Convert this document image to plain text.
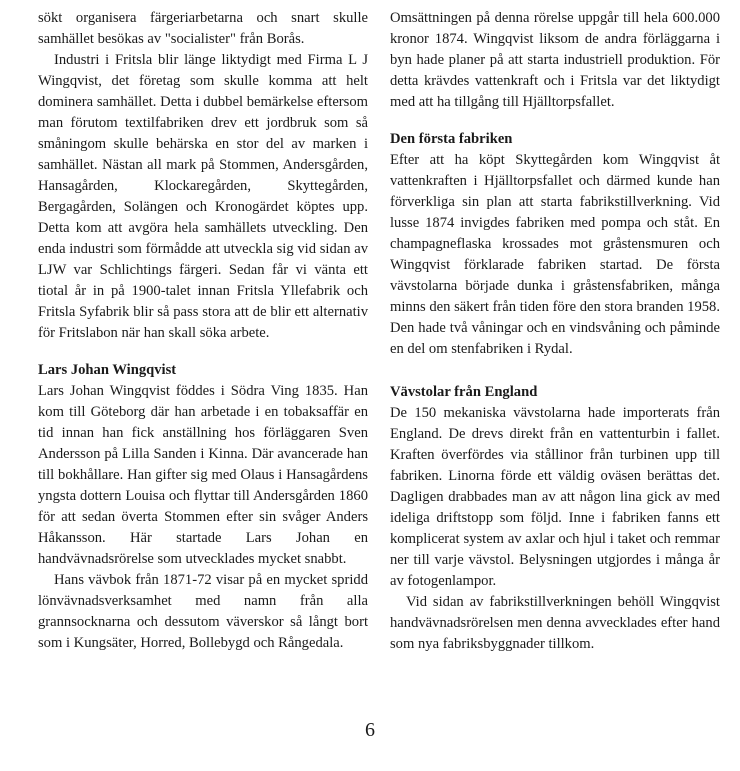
sökt organisera färgeriarbetarna och snart skulle samhället besökas av "socialister" från Borås.

Industri i Fritsla blir länge liktydigt med Firma L J Wingqvist, det företag som skulle komma att helt dominera samhället. Detta i dubbel bemärkelse eftersom man förutom textilfabriken drev ett jordbruk som så småningom skulle behärska en stor del av marken i samhället. Nästan all mark på Stommen, Andersgården, Hansagården, Klockaregården, Skyttegården, Bergagården, Solängen och Kronogärdet köptes upp. Detta kom att avgöra hela samhällets utveckling. Den enda industri som förmådde att utveckla sig vid sidan av LJW var Schlichtings färgeri. Sedan får vi vänta ett tiotal år in på 1900-talet innan Fritsla Yllefabrik och Fritsla Syfabrik blir så pass stora att de blir ett alternativ för Fritslabon när han skall söka arbete.

Lars Johan Wingqvist

Lars Johan Wingqvist föddes i Södra Ving 1835. Han kom till Göteborg där han arbetade i en tobaksaffär en tid innan han fick anställning hos förläggaren Sven Andersson på Lilla Sanden i Kinna. Där avancerade han till bokhållare. Han gifter sig med Olaus i Hansagårdens yngsta dottern Louisa och flyttar till Andersgården 1860 för att sedan överta Stommen efter sin svåger Anders Håkansson. Här startade Lars Johan en handvävnadsrörelse som utvecklades mycket snabbt.

Hans vävbok från 1871-72 visar på en mycket spridd lönvävnadsverksamhet med namn från alla grannsocknarna och dessutom väverskor så långt bort som i Kungsäter, Horred, Bollebygd och Rångedala.

Omsättningen på denna rörelse uppgår till hela 600.000 kronor 1874. Wingqvist liksom de andra förläggarna i byn hade planer på att starta industriell produktion. För detta krävdes vattenkraft och i Fritsla var det liktydigt med att ha tillgång till Hjälltorpsfallet.

Den första fabriken

Efter att ha köpt Skyttegården kom Wingqvist åt vattenkraften i Hjälltorpsfallet och därmed kunde han förverkliga sin plan att starta fabrikstillverkning. Vid lusse 1874 invigdes fabriken med pompa och ståt. En champagneflaska krossades mot gråstensmuren och Wingqvist förklarade fabriken startad. De första vävstolarna började dunka i gråstensfabriken, många minns den säkert från tiden före den stora branden 1958. Den hade två våningar och en vindsvåning och påminde en del om stenfabriken i Rydal.

Vävstolar från England

De 150 mekaniska vävstolarna hade importerats från England. De drevs direkt från en vattenturbin i fallet. Kraften överfördes via stållinor från turbinen upp till fabriken. Linorna förde ett väldig oväsen berättas det. Dagligen drabbades man av att någon lina gick av med ideliga driftstopp som följd. Inne i fabriken fanns ett komplicerat system av axlar och hjul i taket och remmar ner till varje vävstol. Belysningen utgjordes i många år av fotogenlampor.

Vid sidan av fabrikstillverkningen behöll Wingqvist handvävnadsrörelsen men denna avvecklades efter hand som nya fabriksbyggnader tillkom.

6
